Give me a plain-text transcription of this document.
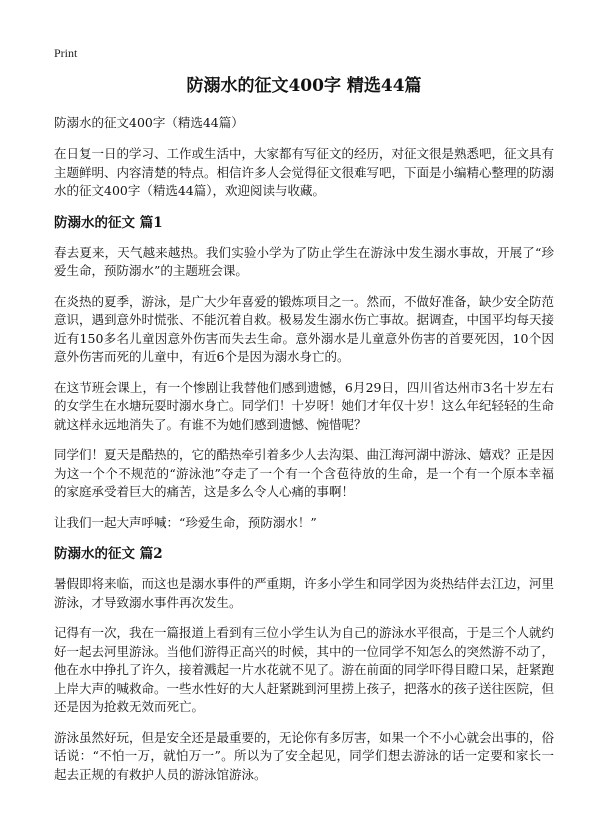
Print
防溺水的征文400字 精选44篇
防溺水的征文400字（精选44篇）

在日复一日的学习、工作或生活中，大家都有写征文的经历，对征文很是熟悉吧，征文具有主题鲜明、内容清楚的特点。相信许多人会觉得征文很难写吧，下面是小编精心整理的防溺水的征文400字（精选44篇），欢迎阅读与收藏。

防溺水的征文 篇1

春去夏来，天气越来越热。我们实验小学为了防止学生在游泳中发生溺水事故，开展了“珍爱生命，预防溺水”的主题班会课。

在炎热的夏季，游泳，是广大少年喜爱的锻炼项目之一。然而，不做好准备，缺少安全防范意识，遇到意外时慌张、不能沉着自救。极易发生溺水伤亡事故。据调查，中国平均每天接近有150多名儿童因意外伤害而失去生命。意外溺水是儿童意外伤害的首要死因，10个因意外伤害而死的儿童中，有近6个是因为溺水身亡的。

在这节班会课上，有一个惨剧让我替他们感到遗憾，6月29日，四川省达州市3名十岁左右的女学生在水塘玩耍时溺水身亡。同学们！十岁呀！她们才年仅十岁！这么年纪轻轻的生命就这样永远地消失了。有谁不为她们感到遗憾、惋惜呢？

同学们！夏天是酷热的，它的酷热牵引着多少人去沟渠、曲江海河湖中游泳、嬉戏？正是因为这一个个不规范的“游泳池”夺走了一个有一个含苞待放的生命，是一个有一个原本幸福的家庭承受着巨大的痛苦，这是多么令人心痛的事啊！

让我们一起大声呼喊：“珍爱生命，预防溺水！”

防溺水的征文 篇2

暑假即将来临，而这也是溺水事件的严重期，许多小学生和同学因为炎热结伴去江边，河里游泳，才导致溺水事件再次发生。

记得有一次，我在一篇报道上看到有三位小学生认为自己的游泳水平很高，于是三个人就约好一起去河里游泳。当他们游得正高兴的时候，其中的一位同学不知怎么的突然游不动了，他在水中挣扎了许久，接着溅起一片水花就不见了。游在前面的同学吓得目瞪口呆，赶紧跑上岸大声的喊救命。一些水性好的大人赶紧跳到河里捞上孩子，把落水的孩子送往医院，但还是因为抢救无效而死亡。

游泳虽然好玩，但是安全还是最重要的，无论你有多厉害，如果一个不小心就会出事的，俗话说：“不怕一万，就怕万一”。所以为了安全起见，同学们想去游泳的话一定要和家长一起去正规的有救护人员的游泳馆游泳。
